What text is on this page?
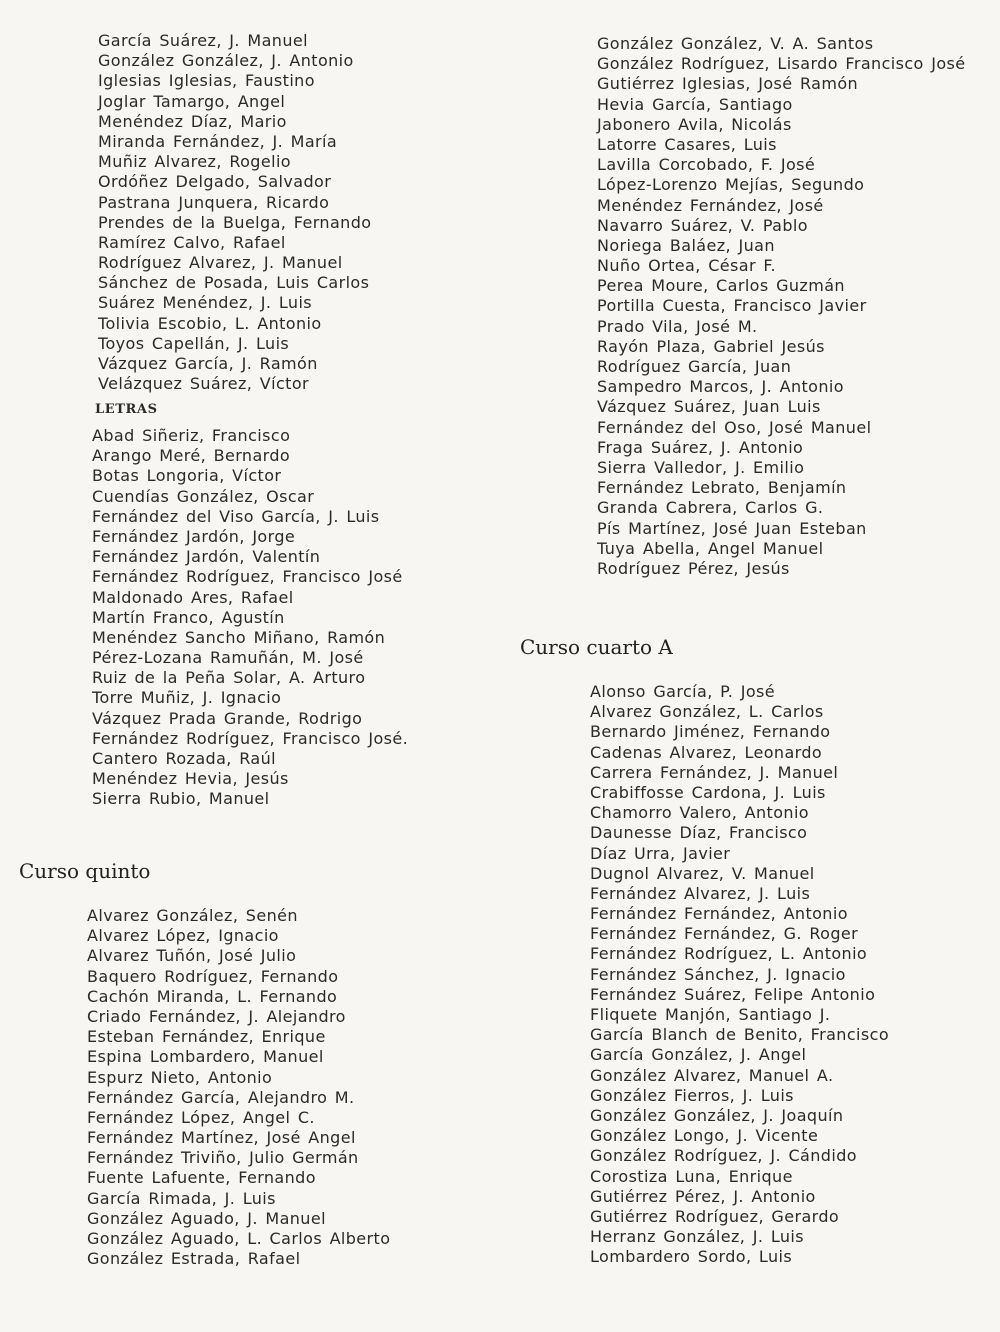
García Suárez, J. Manuel
González González, J. Antonio
Iglesias Iglesias, Faustino
Joglar Tamargo, Angel
Menéndez Díaz, Mario
Miranda Fernández, J. María
Muñiz Alvarez, Rogelio
Ordóñez Delgado, Salvador
Pastrana Junquera, Ricardo
Prendes de la Buelga, Fernando
Ramírez Calvo, Rafael
Rodríguez Alvarez, J. Manuel
Sánchez de Posada, Luis Carlos
Suárez Menéndez, J. Luis
Tolivia Escobio, L. Antonio
Toyos Capellán, J. Luis
Vázquez García, J. Ramón
Velázquez Suárez, Víctor
LETRAS
Abad Siñeriz, Francisco
Arango Meré, Bernardo
Botas Longoria, Víctor
Cuendías González, Oscar
Fernández del Viso García, J. Luis
Fernández Jardón, Jorge
Fernández Jardón, Valentín
Fernández Rodríguez, Francisco José
Maldonado Ares, Rafael
Martín Franco, Agustín
Menéndez Sancho Miñano, Ramón
Pérez-Lozana Ramuñán, M. José
Ruiz de la Peña Solar, A. Arturo
Torre Muñiz, J. Ignacio
Vázquez Prada Grande, Rodrigo
Fernández Rodríguez, Francisco José.
Cantero Rozada, Raúl
Menéndez Hevia, Jesús
Sierra Rubio, Manuel
Curso quinto
Alvarez González, Senén
Alvarez López, Ignacio
Alvarez Tuñón, José Julio
Baquero Rodríguez, Fernando
Cachón Miranda, L. Fernando
Criado Fernández, J. Alejandro
Esteban Fernández, Enrique
Espina Lombardero, Manuel
Espurz Nieto, Antonio
Fernández García, Alejandro M.
Fernández López, Angel C.
Fernández Martínez, José Angel
Fernández Triviño, Julio Germán
Fuente Lafuente, Fernando
García Rimada, J. Luis
González Aguado, J. Manuel
González Aguado, L. Carlos Alberto
González Estrada, Rafael
González González, V. A. Santos
González Rodríguez, Lisardo Francisco José
Gutiérrez Iglesias, José Ramón
Hevia García, Santiago
Jabonero Avila, Nicolás
Latorre Casares, Luis
Lavilla Corcobado, F. José
López-Lorenzo Mejías, Segundo
Menéndez Fernández, José
Navarro Suárez, V. Pablo
Noriega Baláez, Juan
Nuño Ortea, César F.
Perea Moure, Carlos Guzmán
Portilla Cuesta, Francisco Javier
Prado Vila, José M.
Rayón Plaza, Gabriel Jesús
Rodríguez García, Juan
Sampedro Marcos, J. Antonio
Vázquez Suárez, Juan Luis
Fernández del Oso, José Manuel
Fraga Suárez, J. Antonio
Sierra Valledor, J. Emilio
Fernández Lebrato, Benjamín
Granda Cabrera, Carlos G.
Pís Martínez, José Juan Esteban
Tuya Abella, Angel Manuel
Rodríguez Pérez, Jesús
Curso cuarto A
Alonso García, P. José
Alvarez González, L. Carlos
Bernardo Jiménez, Fernando
Cadenas Alvarez, Leonardo
Carrera Fernández, J. Manuel
Crabiffosse Cardona, J. Luis
Chamorro Valero, Antonio
Daunesse Díaz, Francisco
Díaz Urra, Javier
Dugnol Alvarez, V. Manuel
Fernández Alvarez, J. Luis
Fernández Fernández, Antonio
Fernández Fernández, G. Roger
Fernández Rodríguez, L. Antonio
Fernández Sánchez, J. Ignacio
Fernández Suárez, Felipe Antonio
Fliquete Manjón, Santiago J.
García Blanch de Benito, Francisco
García González, J. Angel
González Alvarez, Manuel A.
González Fierros, J. Luis
González González, J. Joaquín
González Longo, J. Vicente
González Rodríguez, J. Cándido
Corostiza Luna, Enrique
Gutiérrez Pérez, J. Antonio
Gutiérrez Rodríguez, Gerardo
Herranz González, J. Luis
Lombardero Sordo, Luis
